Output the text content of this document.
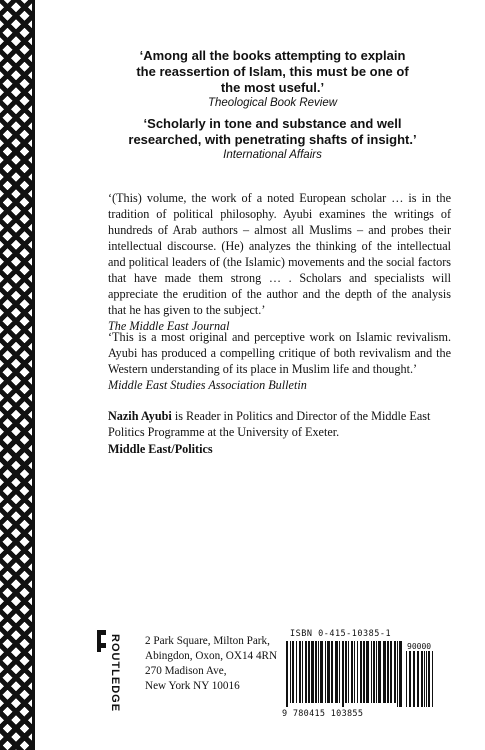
‘Among all the books attempting to explain
the reassertion of Islam, this must be one of
the most useful.’
Theological Book Review
‘Scholarly in tone and substance and well
researched, with penetrating shafts of insight.’
International Affairs

‘(This) volume, the work of a noted European scholar … is in the tradition of political philosophy. Ayubi examines the writings of hundreds of Arab authors – almost all Muslims – and probes their intellectual discourse. (He) analyzes the thinking of the intellectual and political leaders of (the Islamic) movements and the social factors that have made them strong … . Scholars and specialists will appreciate the erudition of the author and the depth of the analysis that he has given to the subject.’

The Middle East Journal

‘This is a most original and perceptive work on Islamic revivalism. Ayubi has produced a compelling critique of both revivalism and the Western understanding of its place in Muslim life and thought.’

Middle East Studies Association Bulletin

Nazih Ayubi is Reader in Politics and Director of the Middle East Politics Programme at the University of Exeter.

Middle East/Politics
ROUTLEDGE 2 Park Square, Milton Park,
Abingdon, Oxon, OX14 4RN
270 Madison Ave,
New York NY 10016
ISBN 0-415-10385-1
90000
9 780415 103855
